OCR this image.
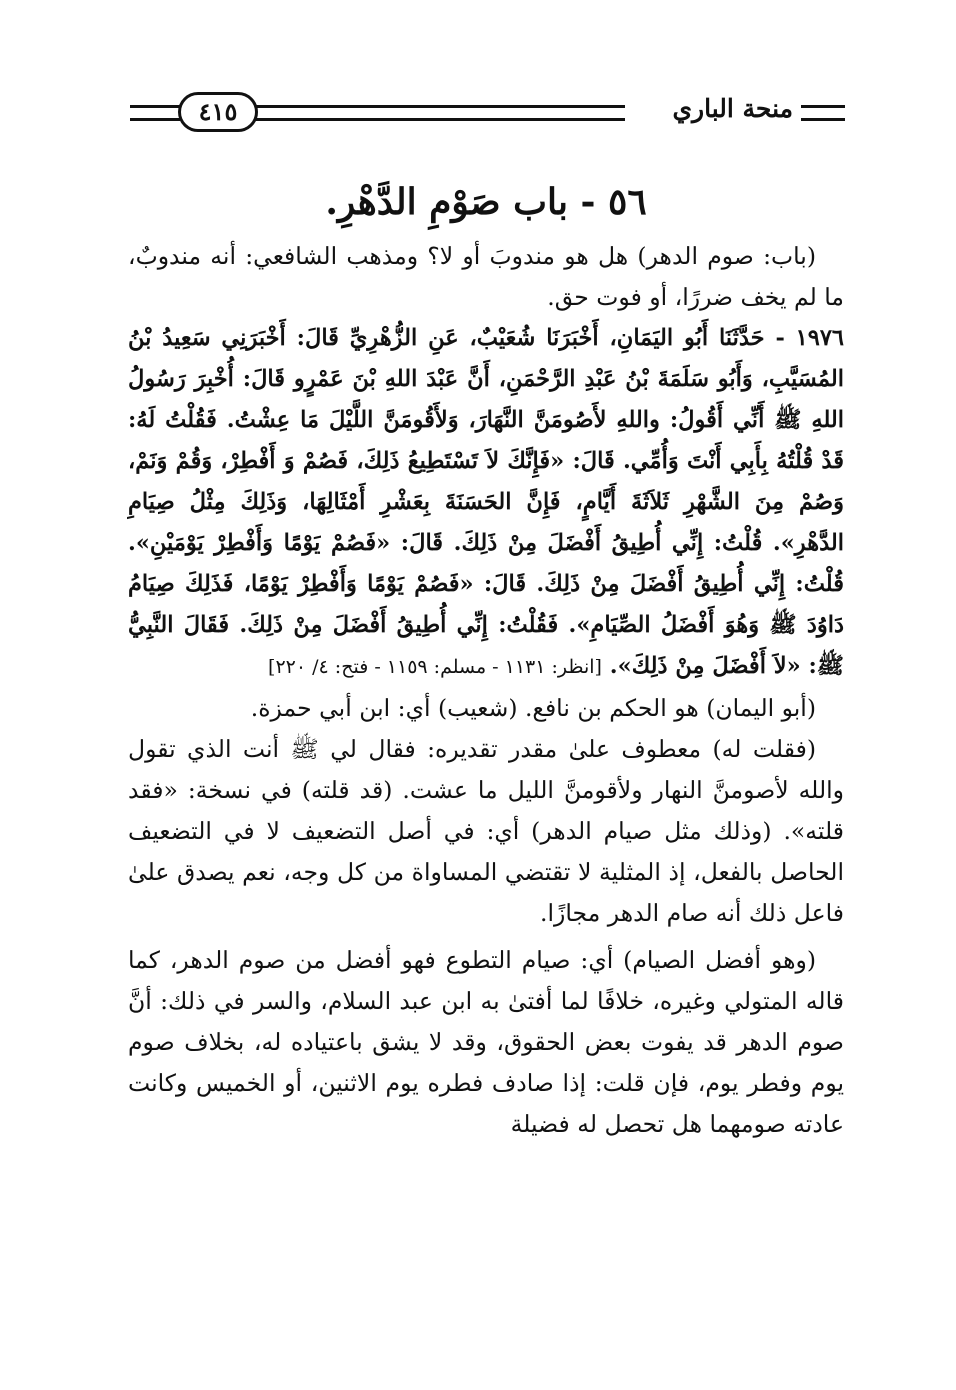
منحة الباري
٤١٥
٥٦ - باب صَوْمِ الدَّهْرِ.

(باب: صوم الدهر) هل هو مندوبَ أو لا؟ ومذهب الشافعي: أنه مندوبٌ، ما لم يخف ضررًا، أو فوت حق.

١٩٧٦ - حَدَّثَنَا أَبُو اليَمَانِ، أَخْبَرَنَا شُعَيْبٌ، عَنِ الزُّهْرِيِّ قَالَ: أَخْبَرَنِي سَعِيدُ بْنُ المُسَيَّبِ، وَأَبُو سَلَمَةَ بْنُ عَبْدِ الرَّحْمَنِ، أَنَّ عَبْدَ اللهِ بْنَ عَمْرٍو قَالَ: أُخْبِرَ رَسُولُ اللهِ ﷺ أَنِّي أَقُولُ: واللهِ لأَصُومَنَّ النَّهَارَ، وَلأَقُومَنَّ اللَّيْلَ مَا عِشْتُ. فَقُلْتُ لَهُ: قَدْ قُلْتُهُ بِأَبِي أَنْتَ وَأُمِّي. قَالَ: «فَإِنَّكَ لاَ تَسْتَطِيعُ ذَلِكَ، فَصُمْ وَ أَفْطِرْ، وَقُمْ وَنَمْ، وَصُمْ مِنَ الشَّهْرِ ثَلاَثَةَ أَيَّامٍ، فَإِنَّ الحَسَنَةَ بِعَشْرِ أَمْثَالِهَا، وَذَلِكَ مِثْلُ صِيَامِ الدَّهْرِ». قُلْتُ: إِنِّي أُطِيقُ أَفْضَلَ مِنْ ذَلِكَ. قَالَ: «فَصُمْ يَوْمًا وَأَفْطِرْ يَوْمَيْنِ». قُلْتُ: إِنِّي أُطِيقُ أَفْضَلَ مِنْ ذَلِكَ. قَالَ: «فَصُمْ يَوْمًا وَأَفْطِرْ يَوْمًا، فَذَلِكَ صِيَامُ دَاوُدَ ﷺ وَهُوَ أَفْضَلُ الصِّيَامِ». فَقُلْتُ: إِنِّي أُطِيقُ أَفْضَلَ مِنْ ذَلِكَ. فَقَالَ النَّبِيُّ ﷺ: «لاَ أَفْضَلَ مِنْ ذَلِكَ». [انظر: ١١٣١ - مسلم: ١١٥٩ - فتح: ٤/ ٢٢٠]

(أبو اليمان) هو الحكم بن نافع. (شعيب) أي: ابن أبي حمزة.

(فقلت له) معطوف علىٰ مقدر تقديره: فقال لي ﷺ أنت الذي تقول والله لأصومنَّ النهار ولأقومنَّ الليل ما عشت. (قد قلته) في نسخة: «فقد قلته». (وذلك مثل صيام الدهر) أي: في أصل التضعيف لا في التضعيف الحاصل بالفعل، إذ المثلية لا تقتضي المساواة من كل وجه، نعم يصدق علىٰ فاعل ذلك أنه صام الدهر مجازًا.

(وهو أفضل الصيام) أي: صيام التطوع فهو أفضل من صوم الدهر، كما قاله المتولي وغيره، خلافًا لما أفتىٰ به ابن عبد السلام، والسر في ذلك: أنَّ صوم الدهر قد يفوت بعض الحقوق، وقد لا يشق باعتياده له، بخلاف صوم يوم وفطر يوم، فإن قلت: إذا صادف فطره يوم الاثنين، أو الخميس وكانت عادته صومهما هل تحصل له فضيلة
